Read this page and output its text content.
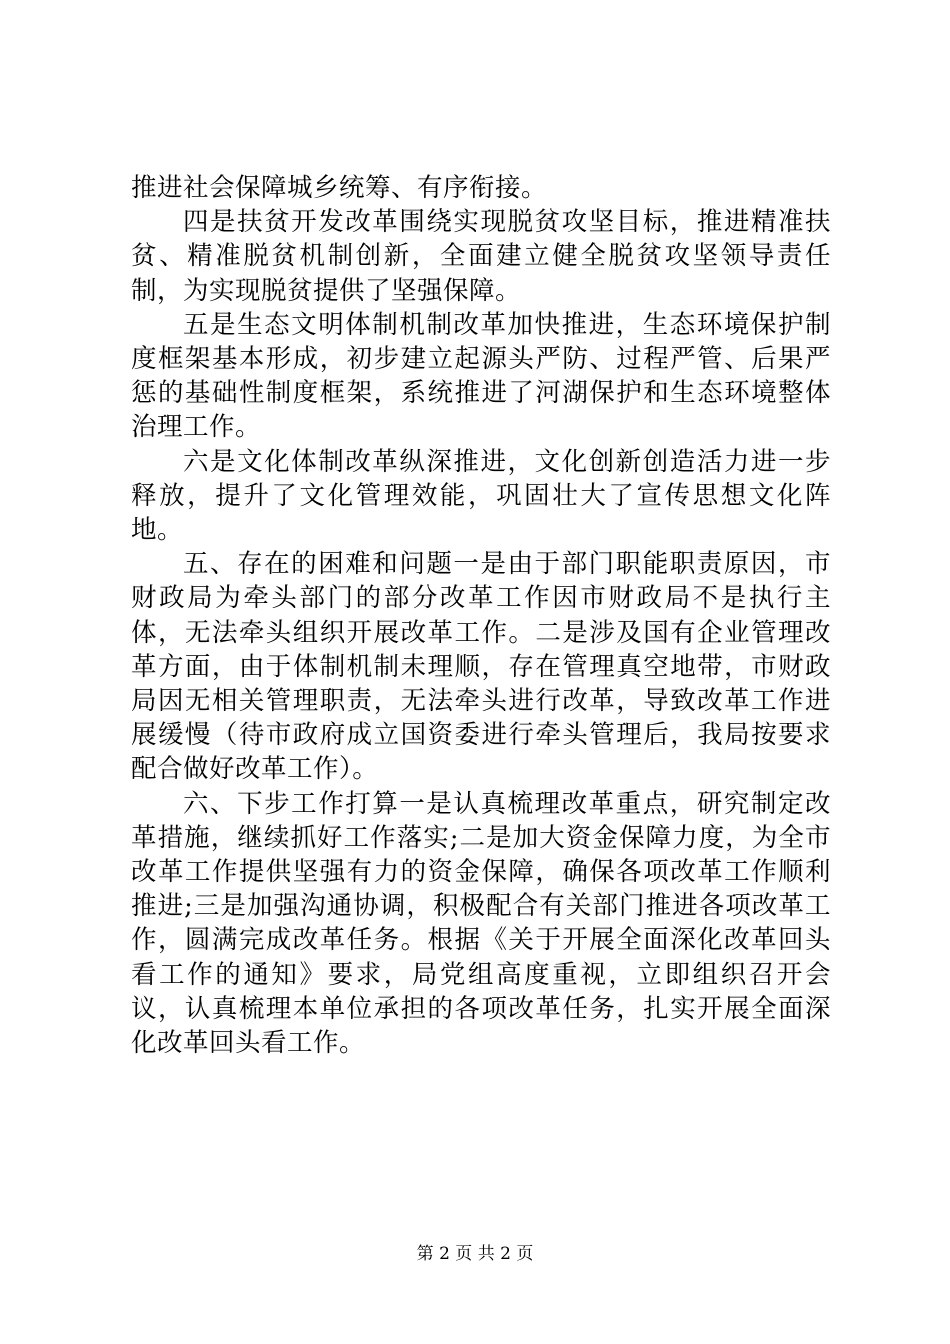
推进社会保障城乡统筹、有序衔接。

四是扶贫开发改革围绕实现脱贫攻坚目标，推进精准扶贫、精准脱贫机制创新，全面建立健全脱贫攻坚领导责任制，为实现脱贫提供了坚强保障。

五是生态文明体制机制改革加快推进，生态环境保护制度框架基本形成，初步建立起源头严防、过程严管、后果严惩的基础性制度框架，系统推进了河湖保护和生态环境整体治理工作。

六是文化体制改革纵深推进，文化创新创造活力进一步释放，提升了文化管理效能，巩固壮大了宣传思想文化阵地。

五、存在的困难和问题一是由于部门职能职责原因，市财政局为牵头部门的部分改革工作因市财政局不是执行主体，无法牵头组织开展改革工作。二是涉及国有企业管理改革方面，由于体制机制未理顺，存在管理真空地带，市财政局因无相关管理职责，无法牵头进行改革，导致改革工作进展缓慢（待市政府成立国资委进行牵头管理后，我局按要求配合做好改革工作）。

六、下步工作打算一是认真梳理改革重点，研究制定改革措施，继续抓好工作落实;二是加大资金保障力度，为全市改革工作提供坚强有力的资金保障，确保各项改革工作顺利推进;三是加强沟通协调，积极配合有关部门推进各项改革工作，圆满完成改革任务。根据《关于开展全面深化改革回头看工作的通知》要求，局党组高度重视，立即组织召开会议，认真梳理本单位承担的各项改革任务，扎实开展全面深化改革回头看工作。

第 2 页 共 2 页
